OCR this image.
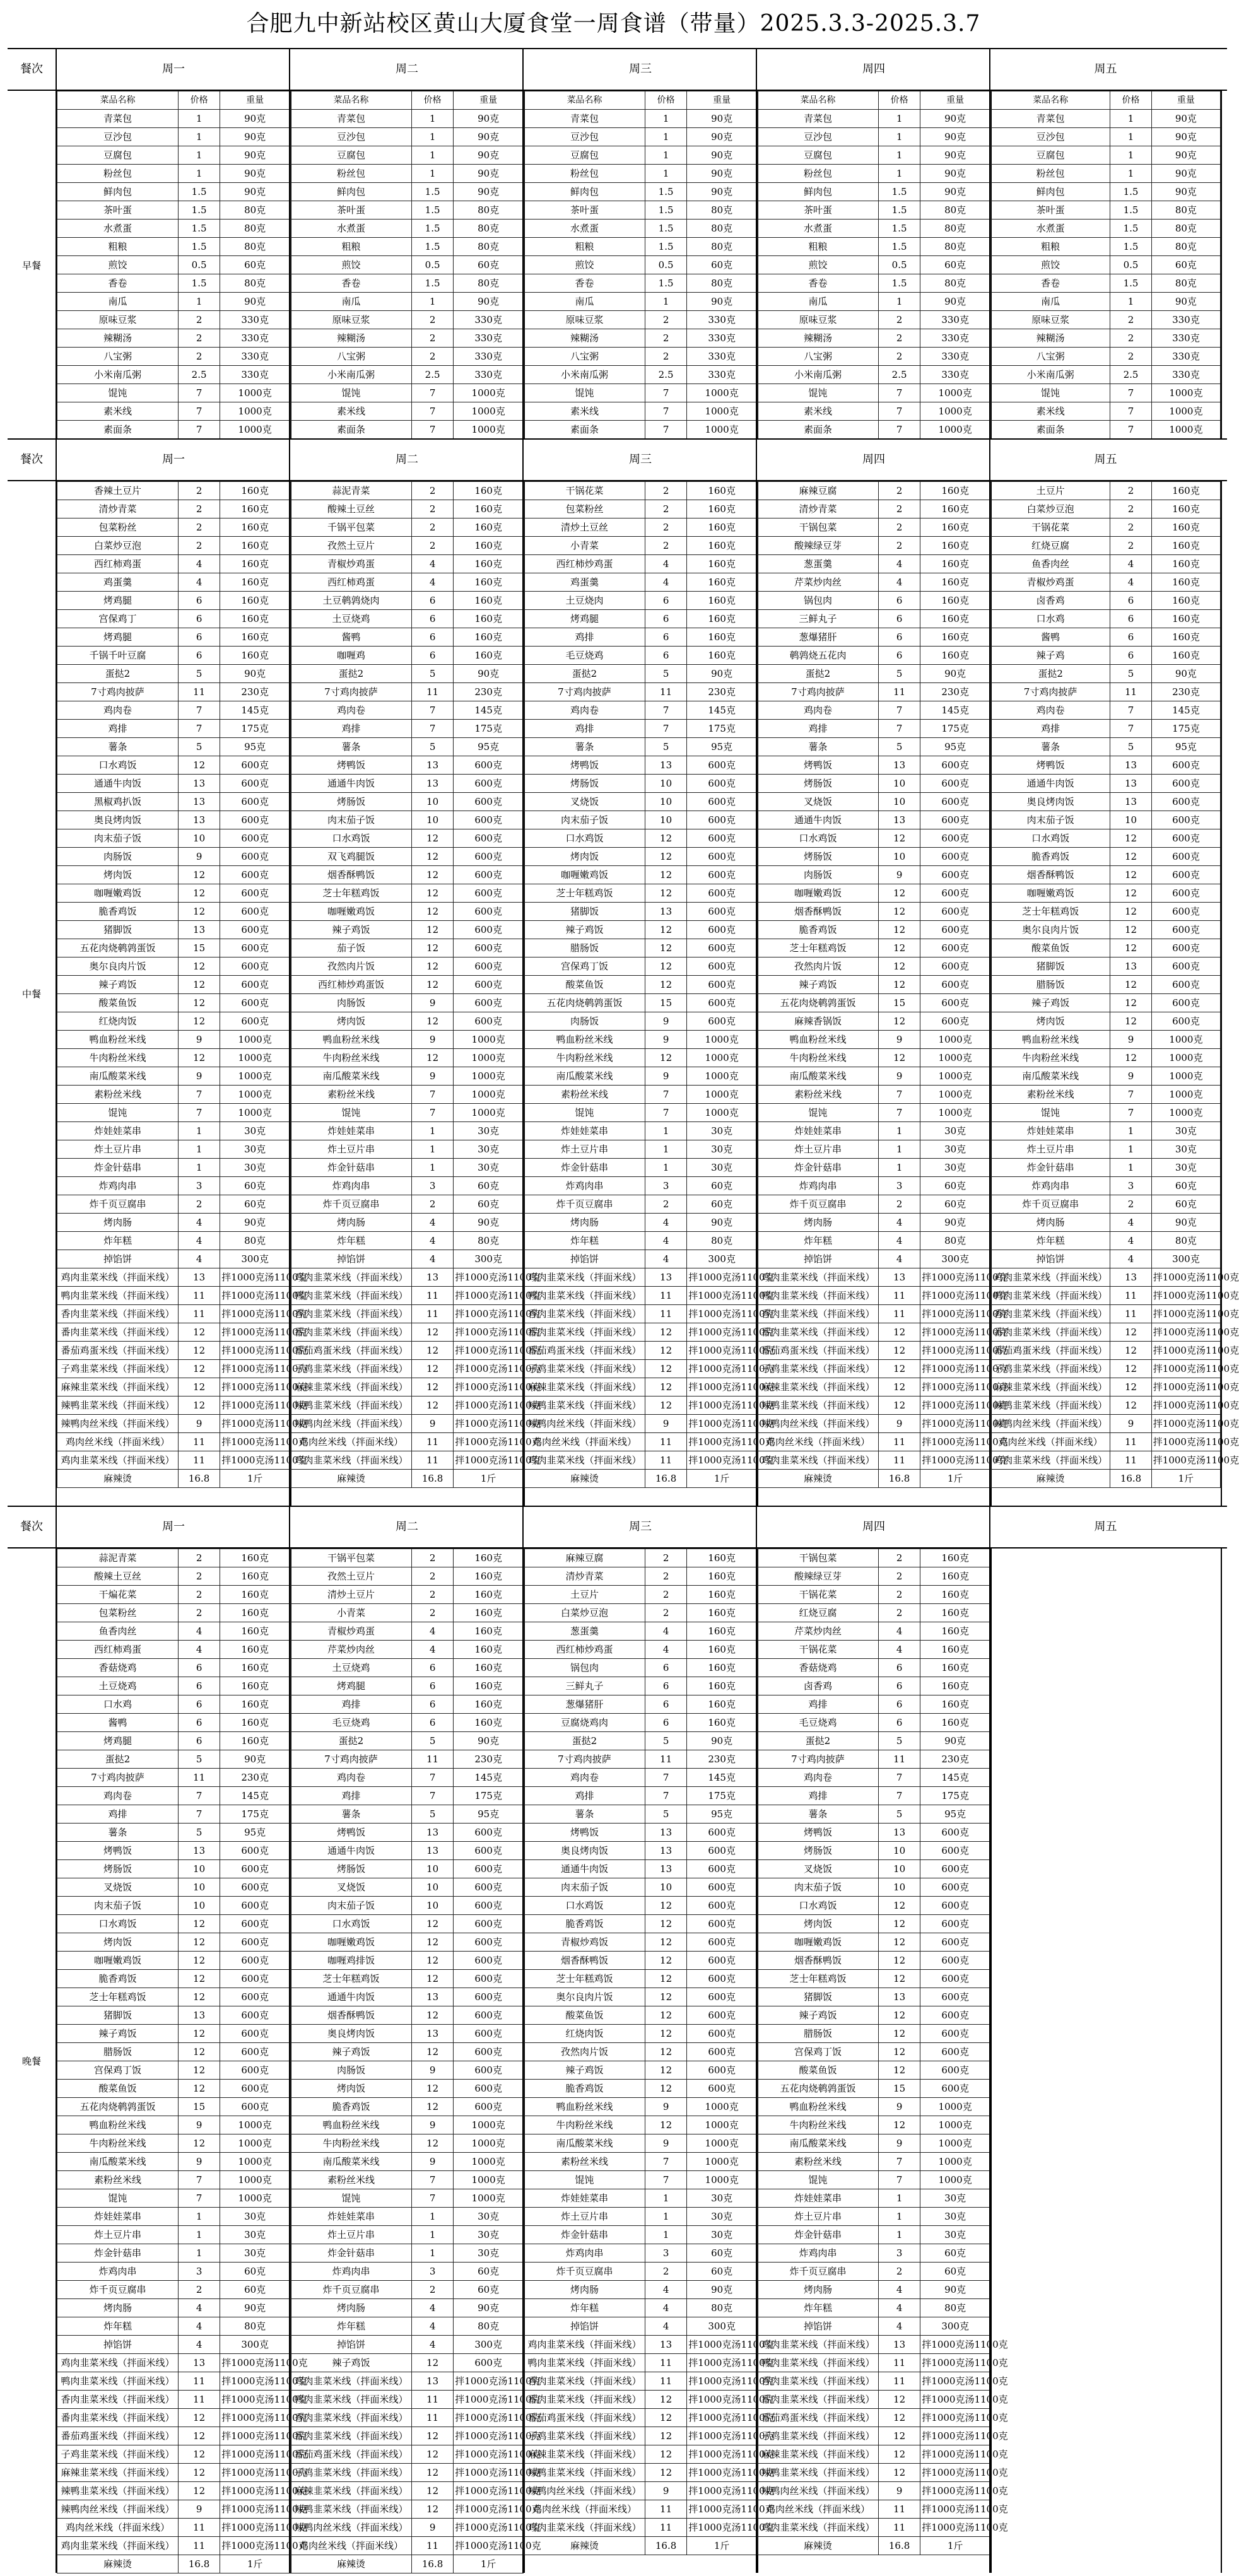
合肥九中新站校区黄山大厦食堂一周食谱（带量）2025.3.3-2025.3.7
餐次	周一	周二	周三	周四	周五
早餐
菜品名称	价格	重量
青菜包	1	90克
豆沙包	1	90克
豆腐包	1	90克
粉丝包	1	90克
鲜肉包	1.5	90克
茶叶蛋	1.5	80克
水煮蛋	1.5	80克
粗粮	1.5	80克
煎饺	0.5	60克
香卷	1.5	80克
南瓜	1	90克
原味豆浆	2	330克
辣糊汤	2	330克
八宝粥	2	330克
小米南瓜粥	2.5	330克
馄饨	7	1000克
素米线	7	1000克
素面条	7	1000克
菜品名称	价格	重量
青菜包	1	90克
豆沙包	1	90克
豆腐包	1	90克
粉丝包	1	90克
鲜肉包	1.5	90克
茶叶蛋	1.5	80克
水煮蛋	1.5	80克
粗粮	1.5	80克
煎饺	0.5	60克
香卷	1.5	80克
南瓜	1	90克
原味豆浆	2	330克
辣糊汤	2	330克
八宝粥	2	330克
小米南瓜粥	2.5	330克
馄饨	7	1000克
素米线	7	1000克
素面条	7	1000克
菜品名称	价格	重量
青菜包	1	90克
豆沙包	1	90克
豆腐包	1	90克
粉丝包	1	90克
鲜肉包	1.5	90克
茶叶蛋	1.5	80克
水煮蛋	1.5	80克
粗粮	1.5	80克
煎饺	0.5	60克
香卷	1.5	80克
南瓜	1	90克
原味豆浆	2	330克
辣糊汤	2	330克
八宝粥	2	330克
小米南瓜粥	2.5	330克
馄饨	7	1000克
素米线	7	1000克
素面条	7	1000克
菜品名称	价格	重量
青菜包	1	90克
豆沙包	1	90克
豆腐包	1	90克
粉丝包	1	90克
鲜肉包	1.5	90克
茶叶蛋	1.5	80克
水煮蛋	1.5	80克
粗粮	1.5	80克
煎饺	0.5	60克
香卷	1.5	80克
南瓜	1	90克
原味豆浆	2	330克
辣糊汤	2	330克
八宝粥	2	330克
小米南瓜粥	2.5	330克
馄饨	7	1000克
素米线	7	1000克
素面条	7	1000克
菜品名称	价格	重量
青菜包	1	90克
豆沙包	1	90克
豆腐包	1	90克
粉丝包	1	90克
鲜肉包	1.5	90克
茶叶蛋	1.5	80克
水煮蛋	1.5	80克
粗粮	1.5	80克
煎饺	0.5	60克
香卷	1.5	80克
南瓜	1	90克
原味豆浆	2	330克
辣糊汤	2	330克
八宝粥	2	330克
小米南瓜粥	2.5	330克
馄饨	7	1000克
素米线	7	1000克
素面条	7	1000克
餐次	周一	周二	周三	周四	周五
中餐
香辣土豆片	2	160克
清炒青菜	2	160克
包菜粉丝	2	160克
白菜炒豆泡	2	160克
西红柿鸡蛋	4	160克
鸡蛋羹	4	160克
烤鸡腿	6	160克
宫保鸡丁	6	160克
烤鸡腿	6	160克
千锅千叶豆腐	6	160克
蛋挞2	5	90克
7寸鸡肉披萨	11	230克
鸡肉卷	7	145克
鸡排	7	175克
薯条	5	95克
口水鸡饭	12	600克
通通牛肉饭	13	600克
黑椒鸡扒饭	13	600克
奥良烤肉饭	13	600克
肉末茄子饭	10	600克
肉肠饭	9	600克
烤肉饭	12	600克
咖喱嫩鸡饭	12	600克
脆香鸡饭	12	600克
猪脚饭	13	600克
五花肉烧鹌鹑蛋饭	15	600克
奥尔良肉片饭	12	600克
辣子鸡饭	12	600克
酸菜鱼饭	12	600克
红烧肉饭	12	600克
鸭血粉丝米线	9	1000克
牛肉粉丝米线	12	1000克
南瓜酸菜米线	9	1000克
素粉丝米线	7	1000克
馄饨	7	1000克
炸娃娃菜串	1	30克
炸土豆片串	1	30克
炸金针菇串	1	30克
炸鸡肉串	3	60克
炸千页豆腐串	2	60克
烤肉肠	4	90克
炸年糕	4	80克
掉馅饼	4	300克
鸡肉韭菜米线（拌面米线）	13	拌1000克汤1100克
鸭肉韭菜米线（拌面米线）	11	拌1000克汤1100克
香肉韭菜米线（拌面米线）	11	拌1000克汤1100克
番肉韭菜米线（拌面米线）	12	拌1000克汤1100克
番茄鸡蛋米线（拌面米线）	12	拌1000克汤1100克
子鸡韭菜米线（拌面米线）	12	拌1000克汤1100克
麻辣韭菜米线（拌面米线）	12	拌1000克汤1100克
辣鸭韭菜米线（拌面米线）	12	拌1000克汤1100克
辣鸭肉丝米线（拌面米线）	9	拌1000克汤1100克
鸡肉丝米线（拌面米线）	11	拌1000克汤1100克
鸡肉韭菜米线（拌面米线）	11	拌1000克汤1100克
麻辣烫	16.8	1斤
蒜泥青菜	2	160克
酸辣土豆丝	2	160克
千锅平包菜	2	160克
孜然土豆片	2	160克
青椒炒鸡蛋	4	160克
西红柿鸡蛋	4	160克
土豆鹌鹑烧肉	6	160克
土豆烧鸡	6	160克
酱鸭	6	160克
咖喱鸡	6	160克
蛋挞2	5	90克
7寸鸡肉披萨	11	230克
鸡肉卷	7	145克
鸡排	7	175克
薯条	5	95克
烤鸭饭	13	600克
通通牛肉饭	13	600克
烤肠饭	10	600克
肉末茄子饭	10	600克
口水鸡饭	12	600克
双飞鸡腿饭	12	600克
烟香酥鸭饭	12	600克
芝士年糕鸡饭	12	600克
咖喱嫩鸡饭	12	600克
辣子鸡饭	12	600克
茄子饭	12	600克
孜然肉片饭	12	600克
西红柿炒鸡蛋饭	12	600克
肉肠饭	9	600克
烤肉饭	12	600克
鸭血粉丝米线	9	1000克
牛肉粉丝米线	12	1000克
南瓜酸菜米线	9	1000克
素粉丝米线	7	1000克
馄饨	7	1000克
炸娃娃菜串	1	30克
炸土豆片串	1	30克
炸金针菇串	1	30克
炸鸡肉串	3	60克
炸千页豆腐串	2	60克
烤肉肠	4	90克
炸年糕	4	80克
掉馅饼	4	300克
鸡肉韭菜米线（拌面米线）	13	拌1000克汤1100克
鸭肉韭菜米线（拌面米线）	11	拌1000克汤1100克
香肉韭菜米线（拌面米线）	11	拌1000克汤1100克
番肉韭菜米线（拌面米线）	12	拌1000克汤1100克
番茄鸡蛋米线（拌面米线）	12	拌1000克汤1100克
子鸡韭菜米线（拌面米线）	12	拌1000克汤1100克
麻辣韭菜米线（拌面米线）	12	拌1000克汤1100克
辣鸭韭菜米线（拌面米线）	12	拌1000克汤1100克
辣鸭肉丝米线（拌面米线）	9	拌1000克汤1100克
鸡肉丝米线（拌面米线）	11	拌1000克汤1100克
鸡肉韭菜米线（拌面米线）	11	拌1000克汤1100克
麻辣烫	16.8	1斤
干锅花菜	2	160克
包菜粉丝	2	160克
清炒土豆丝	2	160克
小青菜	2	160克
西红柿炒鸡蛋	4	160克
鸡蛋羹	4	160克
土豆烧肉	6	160克
烤鸡腿	6	160克
鸡排	6	160克
毛豆烧鸡	6	160克
蛋挞2	5	90克
7寸鸡肉披萨	11	230克
鸡肉卷	7	145克
鸡排	7	175克
薯条	5	95克
烤鸭饭	13	600克
烤肠饭	10	600克
叉烧饭	10	600克
肉末茄子饭	10	600克
口水鸡饭	12	600克
烤肉饭	12	600克
咖喱嫩鸡饭	12	600克
芝士年糕鸡饭	12	600克
猪脚饭	13	600克
辣子鸡饭	12	600克
腊肠饭	12	600克
宫保鸡丁饭	12	600克
酸菜鱼饭	12	600克
五花肉烧鹌鹑蛋饭	15	600克
肉肠饭	9	600克
鸭血粉丝米线	9	1000克
牛肉粉丝米线	12	1000克
南瓜酸菜米线	9	1000克
素粉丝米线	7	1000克
馄饨	7	1000克
炸娃娃菜串	1	30克
炸土豆片串	1	30克
炸金针菇串	1	30克
炸鸡肉串	3	60克
炸千页豆腐串	2	60克
烤肉肠	4	90克
炸年糕	4	80克
掉馅饼	4	300克
鸡肉韭菜米线（拌面米线）	13	拌1000克汤1100克
鸭肉韭菜米线（拌面米线）	11	拌1000克汤1100克
香肉韭菜米线（拌面米线）	11	拌1000克汤1100克
番肉韭菜米线（拌面米线）	12	拌1000克汤1100克
番茄鸡蛋米线（拌面米线）	12	拌1000克汤1100克
子鸡韭菜米线（拌面米线）	12	拌1000克汤1100克
麻辣韭菜米线（拌面米线）	12	拌1000克汤1100克
辣鸭韭菜米线（拌面米线）	12	拌1000克汤1100克
辣鸭肉丝米线（拌面米线）	9	拌1000克汤1100克
鸡肉丝米线（拌面米线）	11	拌1000克汤1100克
鸡肉韭菜米线（拌面米线）	11	拌1000克汤1100克
麻辣烫	16.8	1斤
麻辣豆腐	2	160克
清炒青菜	2	160克
干锅包菜	2	160克
酸辣绿豆芽	2	160克
葱蛋羹	4	160克
芹菜炒肉丝	4	160克
锅包肉	6	160克
三鲜丸子	6	160克
葱爆猪肝	6	160克
鹌鹑烧五花肉	6	160克
蛋挞2	5	90克
7寸鸡肉披萨	11	230克
鸡肉卷	7	145克
鸡排	7	175克
薯条	5	95克
烤鸭饭	13	600克
烤肠饭	10	600克
叉烧饭	10	600克
通通牛肉饭	13	600克
口水鸡饭	12	600克
烤肠饭	10	600克
肉肠饭	9	600克
咖喱嫩鸡饭	12	600克
烟香酥鸭饭	12	600克
脆香鸡饭	12	600克
芝士年糕鸡饭	12	600克
孜然肉片饭	12	600克
辣子鸡饭	12	600克
五花肉烧鹌鹑蛋饭	15	600克
麻辣香锅饭	12	600克
鸭血粉丝米线	9	1000克
牛肉粉丝米线	12	1000克
南瓜酸菜米线	9	1000克
素粉丝米线	7	1000克
馄饨	7	1000克
炸娃娃菜串	1	30克
炸土豆片串	1	30克
炸金针菇串	1	30克
炸鸡肉串	3	60克
炸千页豆腐串	2	60克
烤肉肠	4	90克
炸年糕	4	80克
掉馅饼	4	300克
鸡肉韭菜米线（拌面米线）	13	拌1000克汤1100克
鸭肉韭菜米线（拌面米线）	11	拌1000克汤1100克
香肉韭菜米线（拌面米线）	11	拌1000克汤1100克
番肉韭菜米线（拌面米线）	12	拌1000克汤1100克
番茄鸡蛋米线（拌面米线）	12	拌1000克汤1100克
子鸡韭菜米线（拌面米线）	12	拌1000克汤1100克
麻辣韭菜米线（拌面米线）	12	拌1000克汤1100克
辣鸭韭菜米线（拌面米线）	12	拌1000克汤1100克
辣鸭肉丝米线（拌面米线）	9	拌1000克汤1100克
鸡肉丝米线（拌面米线）	11	拌1000克汤1100克
鸡肉韭菜米线（拌面米线）	11	拌1000克汤1100克
麻辣烫	16.8	1斤
土豆片	2	160克
白菜炒豆泡	2	160克
干锅花菜	2	160克
红烧豆腐	2	160克
鱼香肉丝	4	160克
青椒炒鸡蛋	4	160克
卤香鸡	6	160克
口水鸡	6	160克
酱鸭	6	160克
辣子鸡	6	160克
蛋挞2	5	90克
7寸鸡肉披萨	11	230克
鸡肉卷	7	145克
鸡排	7	175克
薯条	5	95克
烤鸭饭	13	600克
通通牛肉饭	13	600克
奥良烤肉饭	13	600克
肉末茄子饭	10	600克
口水鸡饭	12	600克
脆香鸡饭	12	600克
烟香酥鸭饭	12	600克
咖喱嫩鸡饭	12	600克
芝士年糕鸡饭	12	600克
奥尔良肉片饭	12	600克
酸菜鱼饭	12	600克
猪脚饭	13	600克
腊肠饭	12	600克
辣子鸡饭	12	600克
烤肉饭	12	600克
鸭血粉丝米线	9	1000克
牛肉粉丝米线	12	1000克
南瓜酸菜米线	9	1000克
素粉丝米线	7	1000克
馄饨	7	1000克
炸娃娃菜串	1	30克
炸土豆片串	1	30克
炸金针菇串	1	30克
炸鸡肉串	3	60克
炸千页豆腐串	2	60克
烤肉肠	4	90克
炸年糕	4	80克
掉馅饼	4	300克
鸡肉韭菜米线（拌面米线）	13	拌1000克汤1100克
鸭肉韭菜米线（拌面米线）	11	拌1000克汤1100克
香肉韭菜米线（拌面米线）	11	拌1000克汤1100克
番肉韭菜米线（拌面米线）	12	拌1000克汤1100克
番茄鸡蛋米线（拌面米线）	12	拌1000克汤1100克
子鸡韭菜米线（拌面米线）	12	拌1000克汤1100克
麻辣韭菜米线（拌面米线）	12	拌1000克汤1100克
辣鸭韭菜米线（拌面米线）	12	拌1000克汤1100克
辣鸭肉丝米线（拌面米线）	9	拌1000克汤1100克
鸡肉丝米线（拌面米线）	11	拌1000克汤1100克
鸡肉韭菜米线（拌面米线）	11	拌1000克汤1100克
麻辣烫	16.8	1斤
餐次	周一	周二	周三	周四	周五
晚餐
蒜泥青菜	2	160克
酸辣土豆丝	2	160克
干煸花菜	2	160克
包菜粉丝	2	160克
鱼香肉丝	4	160克
西红柿鸡蛋	4	160克
香菇烧鸡	6	160克
土豆烧鸡	6	160克
口水鸡	6	160克
酱鸭	6	160克
烤鸡腿	6	160克
蛋挞2	5	90克
7寸鸡肉披萨	11	230克
鸡肉卷	7	145克
鸡排	7	175克
薯条	5	95克
烤鸭饭	13	600克
烤肠饭	10	600克
叉烧饭	10	600克
肉末茄子饭	10	600克
口水鸡饭	12	600克
烤肉饭	12	600克
咖喱嫩鸡饭	12	600克
脆香鸡饭	12	600克
芝士年糕鸡饭	12	600克
猪脚饭	13	600克
辣子鸡饭	12	600克
腊肠饭	12	600克
宫保鸡丁饭	12	600克
酸菜鱼饭	12	600克
五花肉烧鹌鹑蛋饭	15	600克
鸭血粉丝米线	9	1000克
牛肉粉丝米线	12	1000克
南瓜酸菜米线	9	1000克
素粉丝米线	7	1000克
馄饨	7	1000克
炸娃娃菜串	1	30克
炸土豆片串	1	30克
炸金针菇串	1	30克
炸鸡肉串	3	60克
炸千页豆腐串	2	60克
烤肉肠	4	90克
炸年糕	4	80克
掉馅饼	4	300克
鸡肉韭菜米线（拌面米线）	13	拌1000克汤1100克
鸭肉韭菜米线（拌面米线）	11	拌1000克汤1100克
香肉韭菜米线（拌面米线）	11	拌1000克汤1100克
番肉韭菜米线（拌面米线）	12	拌1000克汤1100克
番茄鸡蛋米线（拌面米线）	12	拌1000克汤1100克
子鸡韭菜米线（拌面米线）	12	拌1000克汤1100克
麻辣韭菜米线（拌面米线）	12	拌1000克汤1100克
辣鸭韭菜米线（拌面米线）	12	拌1000克汤1100克
辣鸭肉丝米线（拌面米线）	9	拌1000克汤1100克
鸡肉丝米线（拌面米线）	11	拌1000克汤1100克
鸡肉韭菜米线（拌面米线）	11	拌1000克汤1100克
麻辣烫	16.8	1斤
干锅平包菜	2	160克
孜然土豆片	2	160克
清炒土豆片	2	160克
小青菜	2	160克
青椒炒鸡蛋	4	160克
芹菜炒肉丝	4	160克
土豆烧鸡	6	160克
烤鸡腿	6	160克
鸡排	6	160克
毛豆烧鸡	6	160克
蛋挞2	5	90克
7寸鸡肉披萨	11	230克
鸡肉卷	7	145克
鸡排	7	175克
薯条	5	95克
烤鸭饭	13	600克
通通牛肉饭	13	600克
烤肠饭	10	600克
叉烧饭	10	600克
肉末茄子饭	10	600克
口水鸡饭	12	600克
咖喱嫩鸡饭	12	600克
咖喱鸡排饭	12	600克
芝士年糕鸡饭	12	600克
通通牛肉饭	13	600克
烟香酥鸭饭	12	600克
奥良烤肉饭	13	600克
辣子鸡饭	12	600克
肉肠饭	9	600克
烤肉饭	12	600克
脆香鸡饭	12	600克
鸭血粉丝米线	9	1000克
牛肉粉丝米线	12	1000克
南瓜酸菜米线	9	1000克
素粉丝米线	7	1000克
馄饨	7	1000克
炸娃娃菜串	1	30克
炸土豆片串	1	30克
炸金针菇串	1	30克
炸鸡肉串	3	60克
炸千页豆腐串	2	60克
烤肉肠	4	90克
炸年糕	4	80克
掉馅饼	4	300克
辣子鸡饭	12	600克
鸡肉韭菜米线（拌面米线）	13	拌1000克汤1100克
鸭肉韭菜米线（拌面米线）	11	拌1000克汤1100克
香肉韭菜米线（拌面米线）	11	拌1000克汤1100克
番肉韭菜米线（拌面米线）	12	拌1000克汤1100克
番茄鸡蛋米线（拌面米线）	12	拌1000克汤1100克
子鸡韭菜米线（拌面米线）	12	拌1000克汤1100克
麻辣韭菜米线（拌面米线）	12	拌1000克汤1100克
辣鸭韭菜米线（拌面米线）	12	拌1000克汤1100克
辣鸭肉丝米线（拌面米线）	9	拌1000克汤1100克
鸡肉丝米线（拌面米线）	11	拌1000克汤1100克
麻辣烫	16.8	1斤
麻辣豆腐	2	160克
清炒青菜	2	160克
土豆片	2	160克
白菜炒豆泡	2	160克
葱蛋羹	4	160克
西红柿炒鸡蛋	4	160克
锅包肉	6	160克
三鲜丸子	6	160克
葱爆猪肝	6	160克
豆腐烧鸡肉	6	160克
蛋挞2	5	90克
7寸鸡肉披萨	11	230克
鸡肉卷	7	145克
鸡排	7	175克
薯条	5	95克
烤鸭饭	13	600克
奥良烤肉饭	13	600克
通通牛肉饭	13	600克
肉末茄子饭	10	600克
口水鸡饭	12	600克
脆香鸡饭	12	600克
青椒炒鸡饭	12	600克
烟香酥鸭饭	12	600克
芝士年糕鸡饭	12	600克
奥尔良肉片饭	12	600克
酸菜鱼饭	12	600克
红烧肉饭	12	600克
孜然肉片饭	12	600克
辣子鸡饭	12	600克
脆香鸡饭	12	600克
鸭血粉丝米线	9	1000克
牛肉粉丝米线	12	1000克
南瓜酸菜米线	9	1000克
素粉丝米线	7	1000克
馄饨	7	1000克
炸娃娃菜串	1	30克
炸土豆片串	1	30克
炸金针菇串	1	30克
炸鸡肉串	3	60克
炸千页豆腐串	2	60克
烤肉肠	4	90克
炸年糕	4	80克
掉馅饼	4	300克
鸡肉韭菜米线（拌面米线）	13	拌1000克汤1100克
鸭肉韭菜米线（拌面米线）	11	拌1000克汤1100克
香肉韭菜米线（拌面米线）	11	拌1000克汤1100克
番肉韭菜米线（拌面米线）	12	拌1000克汤1100克
番茄鸡蛋米线（拌面米线）	12	拌1000克汤1100克
子鸡韭菜米线（拌面米线）	12	拌1000克汤1100克
麻辣韭菜米线（拌面米线）	12	拌1000克汤1100克
辣鸭韭菜米线（拌面米线）	12	拌1000克汤1100克
辣鸭肉丝米线（拌面米线）	9	拌1000克汤1100克
鸡肉丝米线（拌面米线）	11	拌1000克汤1100克
鸡肉韭菜米线（拌面米线）	11	拌1000克汤1100克
麻辣烫	16.8	1斤
干锅包菜	2	160克
酸辣绿豆芽	2	160克
干锅花菜	2	160克
红烧豆腐	2	160克
芹菜炒肉丝	4	160克
干锅花菜	4	160克
香菇烧鸡	6	160克
卤香鸡	6	160克
鸡排	6	160克
毛豆烧鸡	6	160克
蛋挞2	5	90克
7寸鸡肉披萨	11	230克
鸡肉卷	7	145克
鸡排	7	175克
薯条	5	95克
烤鸭饭	13	600克
烤肠饭	10	600克
叉烧饭	10	600克
肉末茄子饭	10	600克
口水鸡饭	12	600克
烤肉饭	12	600克
咖喱嫩鸡饭	12	600克
烟香酥鸭饭	12	600克
芝士年糕鸡饭	12	600克
猪脚饭	13	600克
辣子鸡饭	12	600克
腊肠饭	12	600克
宫保鸡丁饭	12	600克
酸菜鱼饭	12	600克
五花肉烧鹌鹑蛋饭	15	600克
鸭血粉丝米线	9	1000克
牛肉粉丝米线	12	1000克
南瓜酸菜米线	9	1000克
素粉丝米线	7	1000克
馄饨	7	1000克
炸娃娃菜串	1	30克
炸土豆片串	1	30克
炸金针菇串	1	30克
炸鸡肉串	3	60克
炸千页豆腐串	2	60克
烤肉肠	4	90克
炸年糕	4	80克
掉馅饼	4	300克
鸡肉韭菜米线（拌面米线）	13	拌1000克汤1100克
鸭肉韭菜米线（拌面米线）	11	拌1000克汤1100克
香肉韭菜米线（拌面米线）	11	拌1000克汤1100克
番肉韭菜米线（拌面米线）	12	拌1000克汤1100克
番茄鸡蛋米线（拌面米线）	12	拌1000克汤1100克
子鸡韭菜米线（拌面米线）	12	拌1000克汤1100克
麻辣韭菜米线（拌面米线）	12	拌1000克汤1100克
辣鸭韭菜米线（拌面米线）	12	拌1000克汤1100克
辣鸭肉丝米线（拌面米线）	9	拌1000克汤1100克
鸡肉丝米线（拌面米线）	11	拌1000克汤1100克
鸡肉韭菜米线（拌面米线）	11	拌1000克汤1100克
麻辣烫	16.8	1斤
